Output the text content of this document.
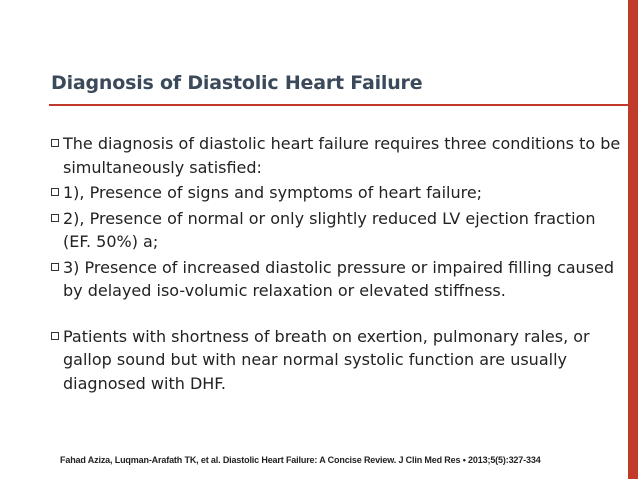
Diagnosis of Diastolic Heart Failure
The diagnosis of diastolic heart failure requires three conditions to be simultaneously satisfied:
1), Presence of signs and symptoms of heart failure;
2), Presence of normal or only slightly reduced LV ejection fraction (EF. 50%) a;
3) Presence of increased diastolic pressure or impaired filling caused by delayed iso-volumic relaxation or elevated stiffness.
Patients with shortness of breath on exertion, pulmonary rales, or gallop sound but with near normal systolic function are usually diagnosed with DHF.

Fahad Aziza, Luqman-Arafath TK, et al. Diastolic Heart Failure: A Concise Review. J Clin Med Res • 2013;5(5):327-334
